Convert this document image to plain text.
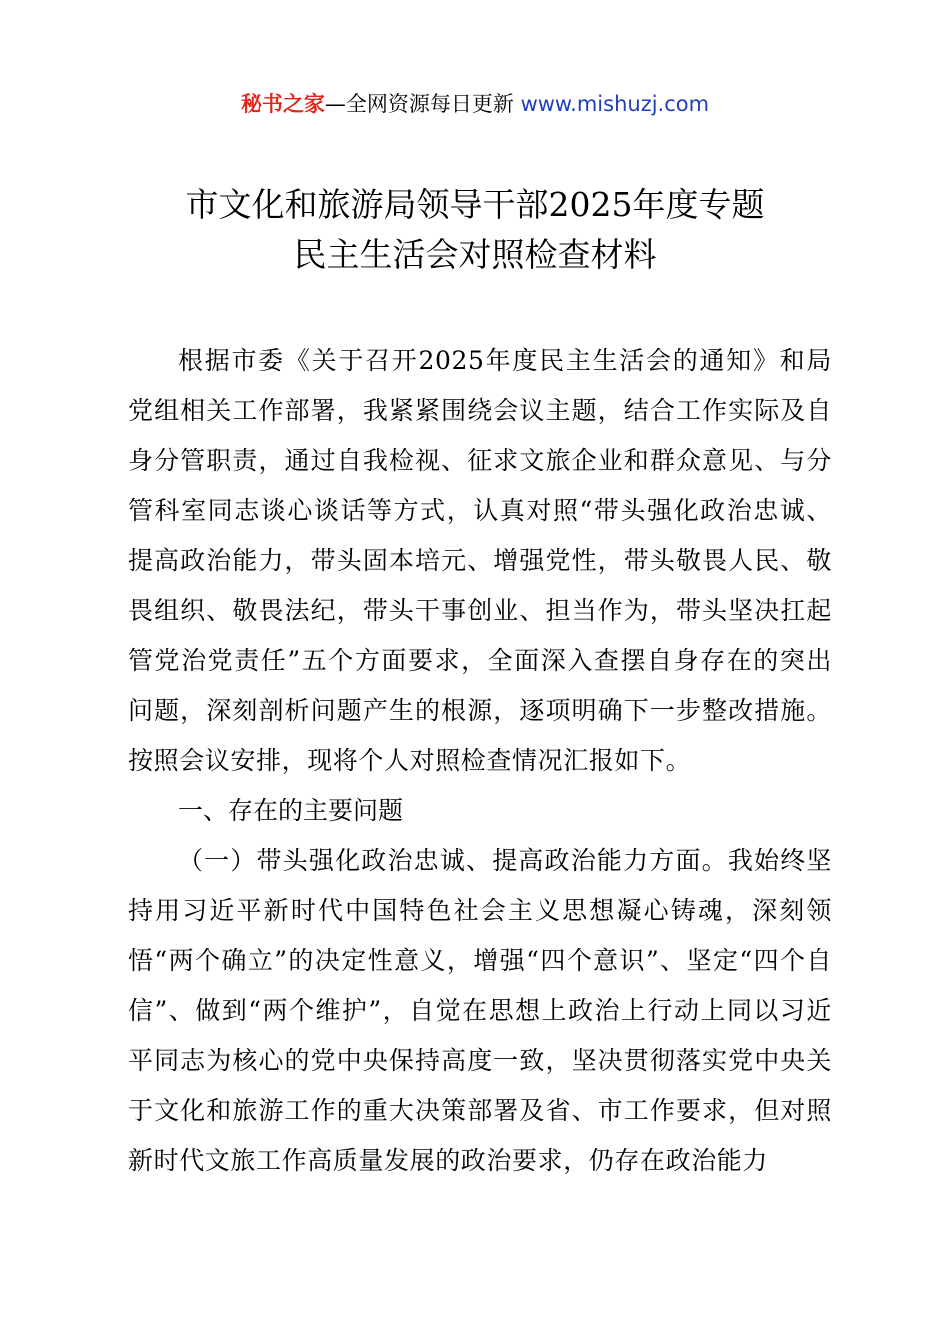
秘书之家—全网资源每日更新 www.mishuzj.com
市文化和旅游局领导干部2025年度专题
民主生活会对照检查材料

根据市委《关于召开2025年度民主生活会的通知》和局党组相关工作部署，我紧紧围绕会议主题，结合工作实际及自身分管职责，通过自我检视、征求文旅企业和群众意见、与分管科室同志谈心谈话等方式，认真对照“带头强化政治忠诚、提高政治能力，带头固本培元、增强党性，带头敬畏人民、敬畏组织、敬畏法纪，带头干事创业、担当作为，带头坚决扛起管党治党责任”五个方面要求，全面深入查摆自身存在的突出问题，深刻剖析问题产生的根源，逐项明确下一步整改措施。按照会议安排，现将个人对照检查情况汇报如下。

一、存在的主要问题

（一）带头强化政治忠诚、提高政治能力方面。我始终坚持用习近平新时代中国特色社会主义思想凝心铸魂，深刻领悟“两个确立”的决定性意义，增强“四个意识”、坚定“四个自信”、做到“两个维护”，自觉在思想上政治上行动上同以习近平同志为核心的党中央保持高度一致，坚决贯彻落实党中央关于文化和旅游工作的重大决策部署及省、市工作要求，但对照新时代文旅工作高质量发展的政治要求，仍存在政治能力
